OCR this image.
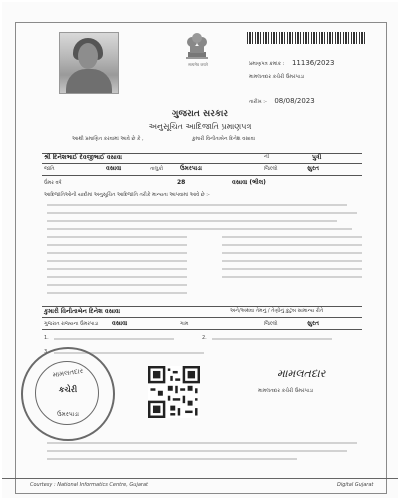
सत्यमेव जयते	પ્રમાણપત્ર ક્રમાંક : 11136/2023
મામલતદાર કચેરી ઉમરપાડા
તારીખ :- 08/08/2023
ગુજરાત સરકાર
અનુસૂચિત આદિજાતિ પ્રમાણપત્ર
આથી પ્રમાણિત કરવામાં આવે છે કે ,	કુમારી વિનીતાબેન દિનેશ વસાવા
શ્રી દિનેશભાઈ દેવજીભાઈ વસાવા	ની	પુત્રી
જાતિ	વસાવા	તાલુકો	ઉમરપાડા	જિલ્લો	સુરત
ઉંમર વર્ષ	28	વસાવા (ભીલ)
આદિજાતિઓની યાદીમાં અનુસૂચિત આદિજાતિ તરીકે માન્યતા આપવામાં આવે છે :-
કુમારી વિનીતાબેન દિનેશ વસાવા	અને/અથવા તેમનું / તેણીનું કુટુંબ સામાન્ય રીતે
ગુજરાત રાજ્યના ઉમરપાડા વસાવા	ગામ	જિલ્લો	સુરત
1.	2.
3.
મામલતદાર
કચેરી
ઉમરપાડા
મામલતદાર
મામલતદાર કચેરી ઉમરપાડા
Courtesy : National Informatics Centre, Gujarat	Digital Gujarat
